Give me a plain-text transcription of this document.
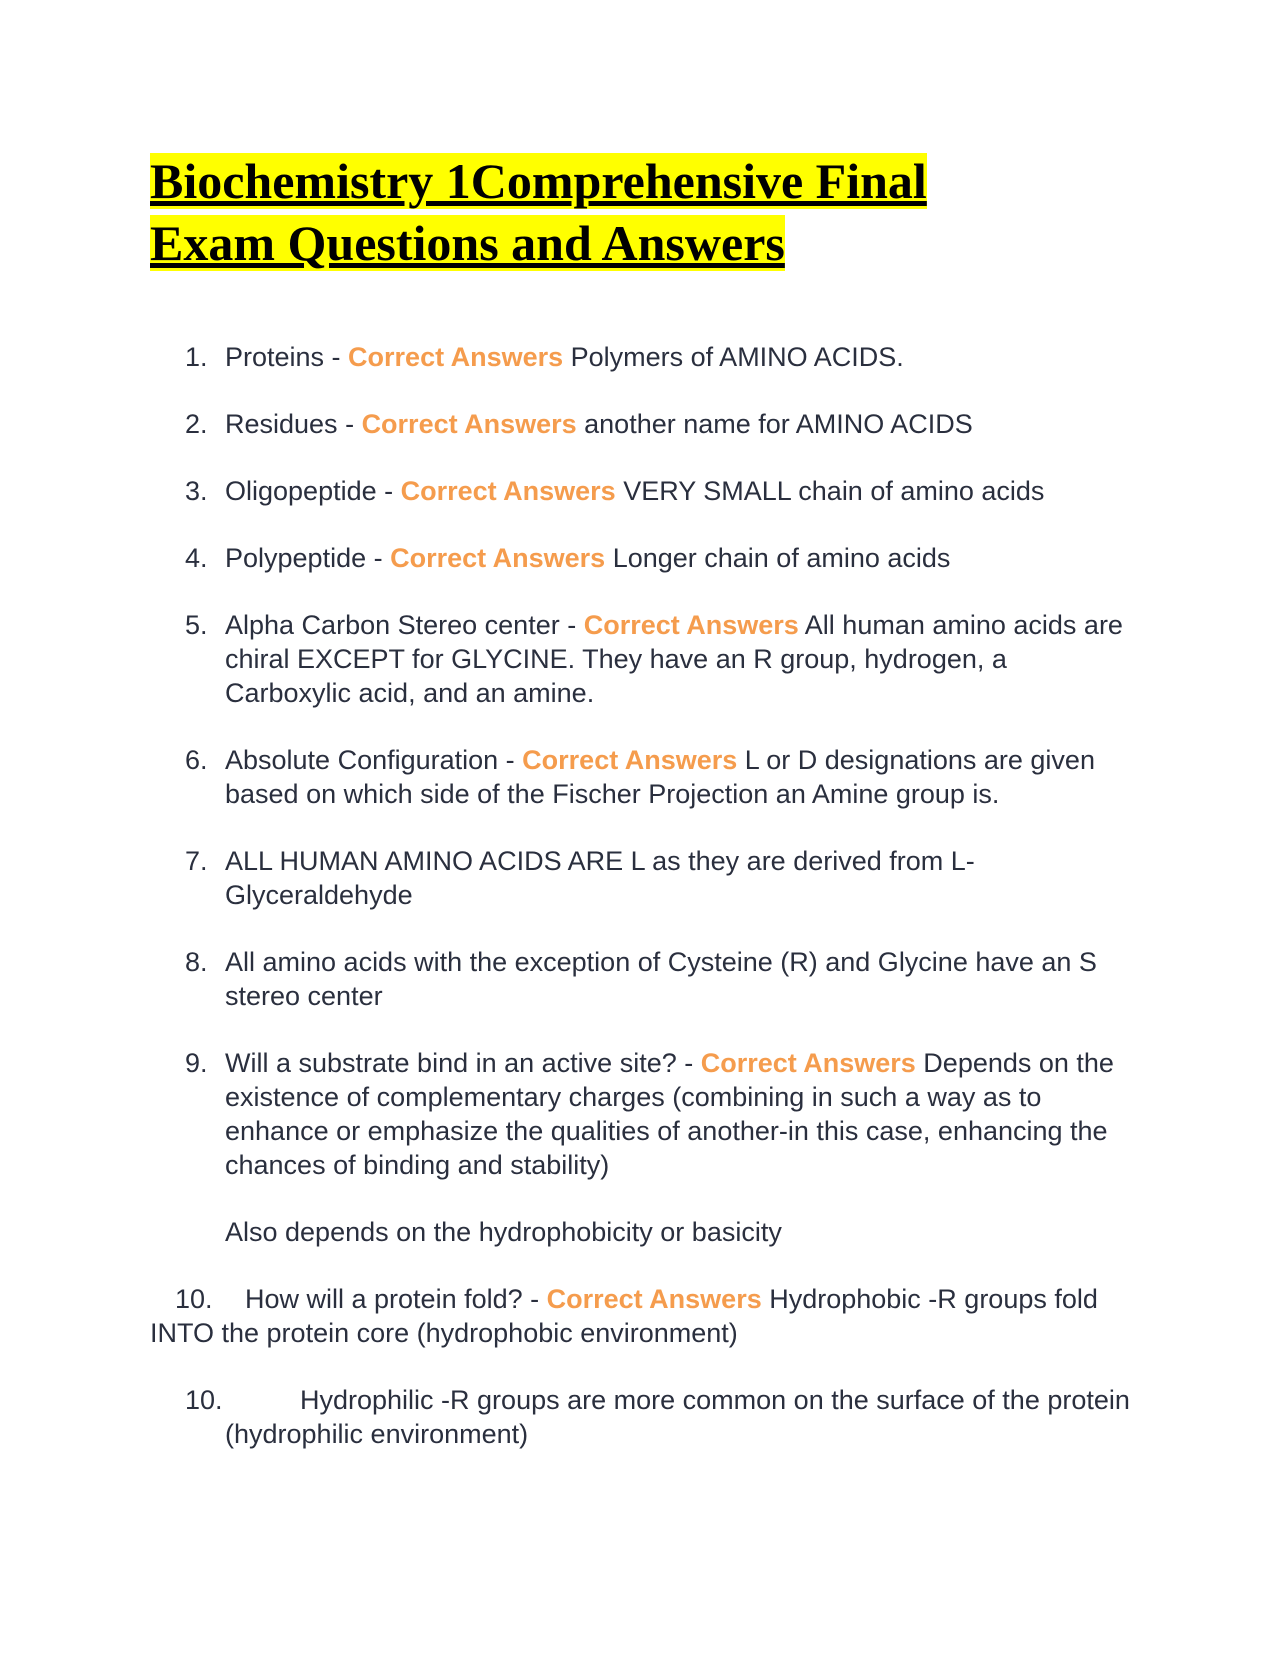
Biochemistry 1Comprehensive Final
Exam Questions and Answers
1. Proteins - Correct Answers Polymers of AMINO ACIDS.
2. Residues - Correct Answers another name for AMINO ACIDS
3. Oligopeptide - Correct Answers VERY SMALL chain of amino acids
4. Polypeptide - Correct Answers Longer chain of amino acids
5. Alpha Carbon Stereo center - Correct Answers All human amino acids are chiral EXCEPT for GLYCINE. They have an R group, hydrogen, a Carboxylic acid, and an amine.
6. Absolute Configuration - Correct Answers L or D designations are given based on which side of the Fischer Projection an Amine group is.
7. ALL HUMAN AMINO ACIDS ARE L as they are derived from L-Glyceraldehyde
8. All amino acids with the exception of Cysteine (R) and Glycine have an S stereo center
9. Will a substrate bind in an active site? - Correct Answers Depends on the existence of complementary charges (combining in such a way as to enhance or emphasize the qualities of another-in this case, enhancing the chances of binding and stability)
Also depends on the hydrophobicity or basicity
10. How will a protein fold? - Correct Answers Hydrophobic -R groups fold INTO the protein core (hydrophobic environment)
10.	Hydrophilic -R groups are more common on the surface of the protein (hydrophilic environment)
